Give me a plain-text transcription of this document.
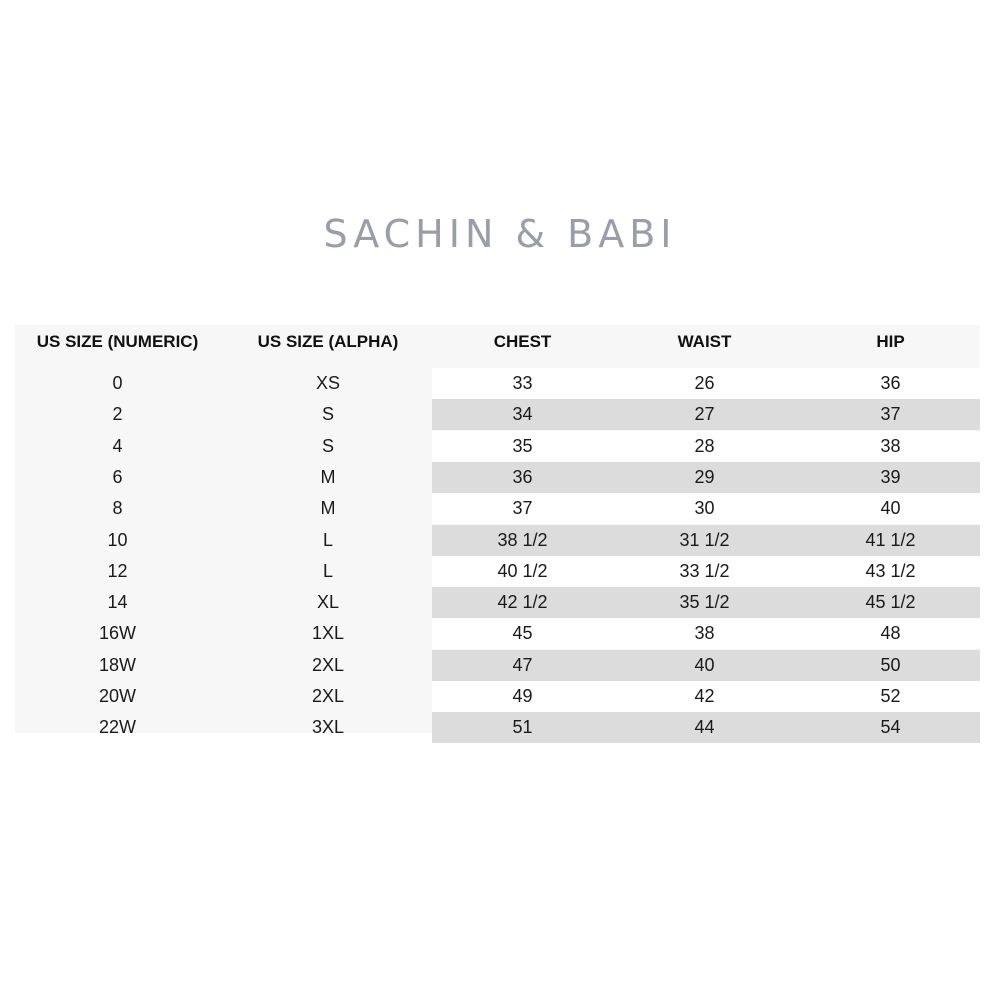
SACHIN & BABI
US SIZE (NUMERIC)	US SIZE (ALPHA)	CHEST	WAIST	HIP
0	XS	33	26	36
2	S	34	27	37
4	S	35	28	38
6	M	36	29	39
8	M	37	30	40
10	L	38 1/2	31 1/2	41 1/2
12	L	40 1/2	33 1/2	43 1/2
14	XL	42 1/2	35 1/2	45 1/2
16W	1XL	45	38	48
18W	2XL	47	40	50
20W	2XL	49	42	52
22W	3XL	51	44	54
